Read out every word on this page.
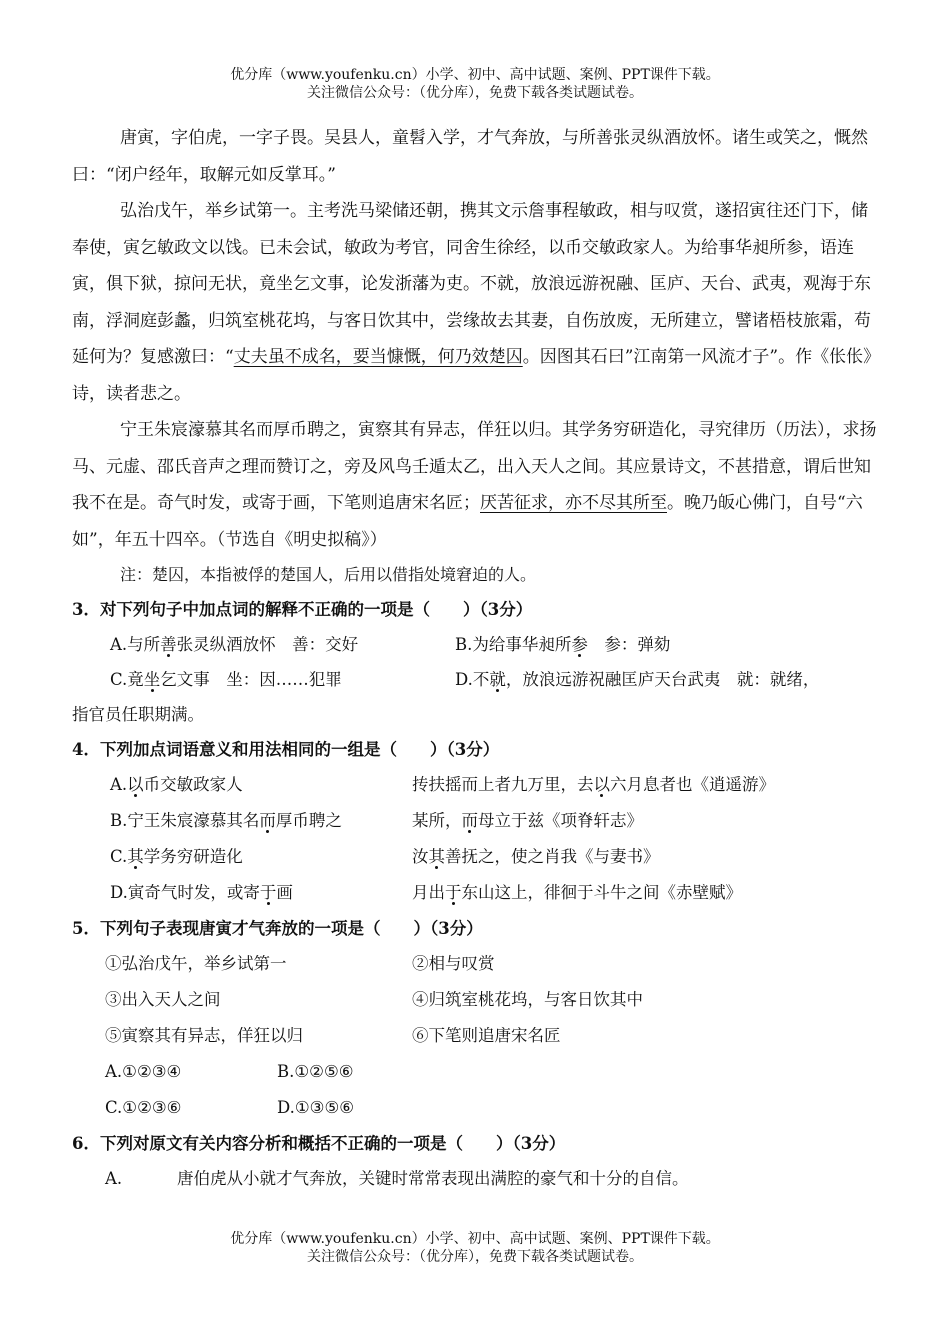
优分库（www.youfenku.cn）小学、初中、高中试题、案例、PPT课件下载。
关注微信公众号：（优分库），免费下载各类试题试卷。

唐寅，字伯虎，一字子畏。吴县人，童髫入学，才气奔放，与所善张灵纵酒放怀。诸生或笑之，慨然曰：“闭户经年，取解元如反掌耳。”

弘治戊午，举乡试第一。主考洗马梁储还朝，携其文示詹事程敏政，相与叹赏，遂招寅往还门下，储奉使，寅乞敏政文以饯。已未会试，敏政为考官，同舍生徐经，以币交敏政家人。为给事华昶所参，语连寅，俱下狱，掠问无状，竟坐乞文事，论发浙藩为吏。不就，放浪远游祝融、匡庐、天台、武夷，观海于东南，浮洞庭彭蠡，归筑室桃花坞，与客日饮其中，尝缘故去其妻，自伤放废，无所建立，譬诸梧枝旅霜，苟延何为？复感激曰：“丈夫虽不成名，要当慷慨，何乃效楚囚。因图其石曰”江南第一风流才子”。作《伥伥》诗，读者悲之。

宁王朱宸濠慕其名而厚币聘之，寅察其有异志，佯狂以归。其学务穷研造化，寻究律历（历法），求扬马、元虚、邵氏音声之理而赞订之，旁及风鸟壬遁太乙，出入天人之间。其应景诗文，不甚措意，谓后世知我不在是。奇气时发，或寄于画，下笔则追唐宋名匠；厌苦征求，亦不尽其所至。晚乃皈心佛门，自号“六如”，年五十四卒。（节选自《明史拟稿》）

注：楚囚，本指被俘的楚国人，后用以借指处境窘迫的人。

3．对下列句子中加点词的解释不正确的一项是（　　）（3分）

A.与所善张灵纵酒放怀　善：交好	B.为给事华昶所参　参：弹劾
C.竟坐乞文事　坐：因……犯罪	D.不就，放浪远游祝融匡庐天台武夷　就：就绪，

指官员任职期满。

4．下列加点词语意义和用法相同的一组是（　　）（3分）

A.以币交敏政家人	抟扶摇而上者九万里，去以六月息者也《逍遥游》
B.宁王朱宸濠慕其名而厚币聘之	某所，而母立于兹《项脊轩志》
C.其学务穷研造化	汝其善抚之，使之肖我《与妻书》
D.寅奇气时发，或寄于画	月出于东山这上，徘徊于斗牛之间《赤壁赋》

5．下列句子表现唐寅才气奔放的一项是（　　）（3分）

①弘治戊午，举乡试第一	②相与叹赏
③出入天人之间	④归筑室桃花坞，与客日饮其中
⑤寅察其有异志，佯狂以归	⑥下笔则追唐宋名匠
A.①②③④	B.①②⑤⑥
C.①②③⑥	D.①③⑤⑥

6．下列对原文有关内容分析和概括不正确的一项是（　　）（3分）

A.	唐伯虎从小就才气奔放，关键时常常表现出满腔的豪气和十分的自信。
优分库（www.youfenku.cn）小学、初中、高中试题、案例、PPT课件下载。
关注微信公众号：（优分库），免费下载各类试题试卷。
